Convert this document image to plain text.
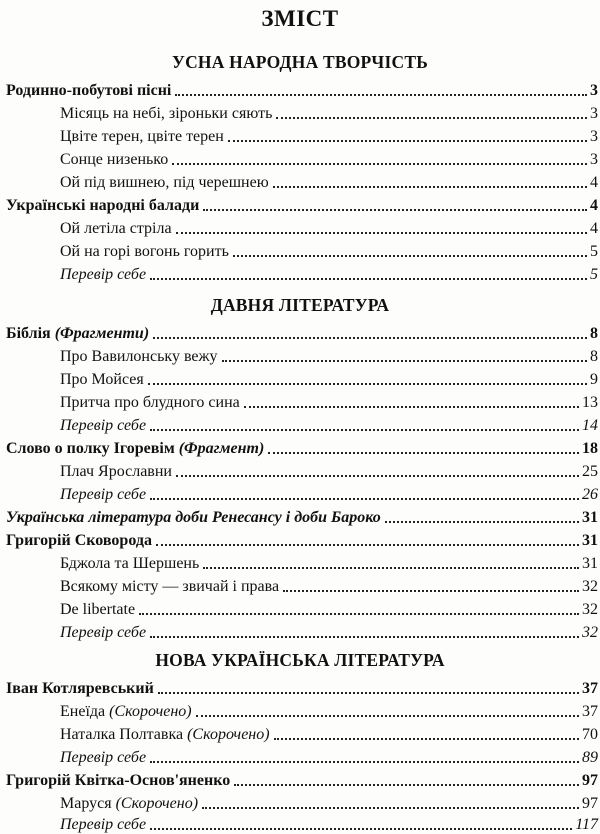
ЗМІСТ
УСНА НАРОДНА ТВОРЧІСТЬ
Родинно-побутові пісні	3
Місяць на небі, зіроньки сяють	3
Цвіте терен, цвіте терен	3
Сонце низенько	3
Ой під вишнею, під черешнею	4
Українські народні балади	4
Ой летіла стріла	4
Ой на горі вогонь горить	5
Перевір себе	5
ДАВНЯ ЛІТЕРАТУРА
Біблія (Фрагменти)	8
Про Вавилонську вежу	8
Про Мойсея	9
Притча про блудного сина	13
Перевір себе	14
Слово о полку Ігоревім (Фрагмент)	18
Плач Ярославни	25
Перевір себе	26
Українська література доби Ренесансу і доби Бароко	31
Григорій Сковорода	31
Бджола та Шершень	31
Всякому місту — звичай і права	32
De libertate	32
Перевір себе	32
НОВА УКРАЇНСЬКА ЛІТЕРАТУРА
Іван Котляревський	37
Енеїда (Скорочено)	37
Наталка Полтавка (Скорочено)	70
Перевір себе	89
Григорій Квітка-Основ'яненко	97
Маруся (Скорочено)	97
Перевір себе	117
